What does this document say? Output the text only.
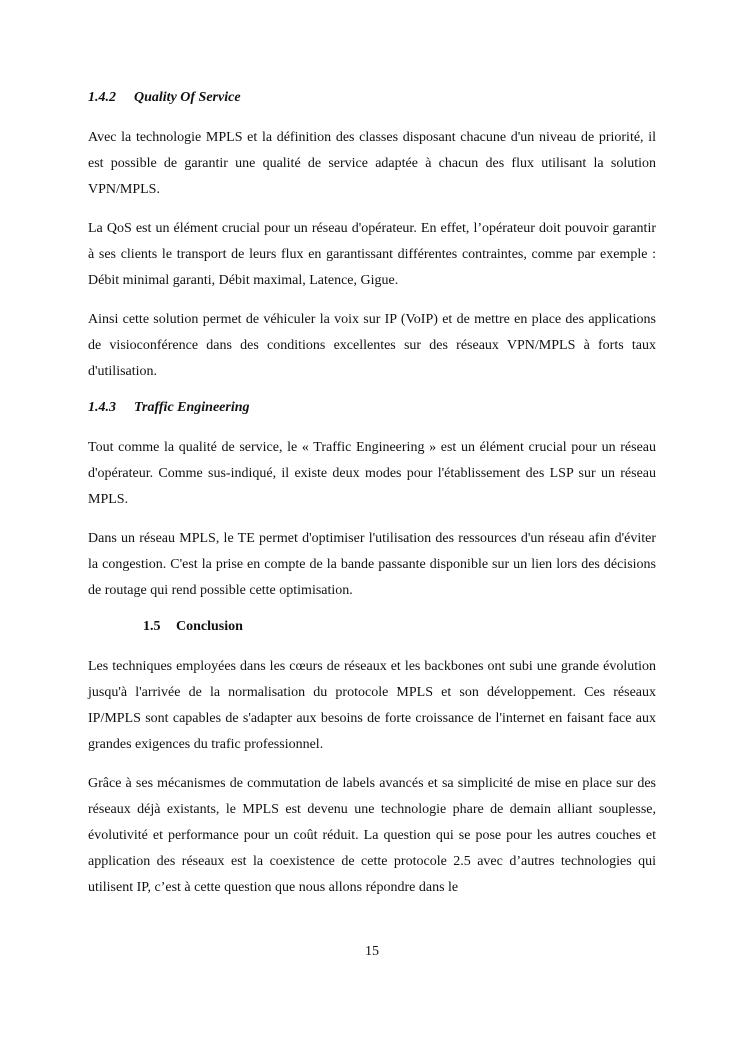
1.4.2 Quality Of Service

Avec la technologie MPLS et la définition des classes disposant chacune d'un niveau de priorité, il est possible de garantir une qualité de service adaptée à chacun des flux utilisant la solution VPN/MPLS.

La QoS est un élément crucial pour un réseau d'opérateur. En effet, l’opérateur doit pouvoir garantir à ses clients le transport de leurs flux en garantissant différentes contraintes, comme par exemple : Débit minimal garanti, Débit maximal, Latence, Gigue.

Ainsi cette solution permet de véhiculer la voix sur IP (VoIP) et de mettre en place des applications de visioconférence dans des conditions excellentes sur des réseaux VPN/MPLS à forts taux d'utilisation.

1.4.3 Traffic Engineering

Tout comme la qualité de service, le « Traffic Engineering » est un élément crucial pour un réseau d'opérateur. Comme sus-indiqué, il existe deux modes pour l'établissement des LSP sur un réseau MPLS.

Dans un réseau MPLS, le TE permet d'optimiser l'utilisation des ressources d'un réseau afin d'éviter la congestion. C'est la prise en compte de la bande passante disponible sur un lien lors des décisions de routage qui rend possible cette optimisation.

1.5 Conclusion

Les techniques employées dans les cœurs de réseaux et les backbones ont subi une grande évolution jusqu'à l'arrivée de la normalisation du protocole MPLS et son développement. Ces réseaux IP/MPLS sont capables de s'adapter aux besoins de forte croissance de l'internet en faisant face aux grandes exigences du trafic professionnel.

Grâce à ses mécanismes de commutation de labels avancés et sa simplicité de mise en place sur des réseaux déjà existants, le MPLS est devenu une technologie phare de demain alliant souplesse, évolutivité et performance pour un coût réduit. La question qui se pose pour les autres couches et application des réseaux est la coexistence de cette protocole 2.5 avec d’autres technologies qui utilisent IP, c’est à cette question que nous allons répondre dans le

15
